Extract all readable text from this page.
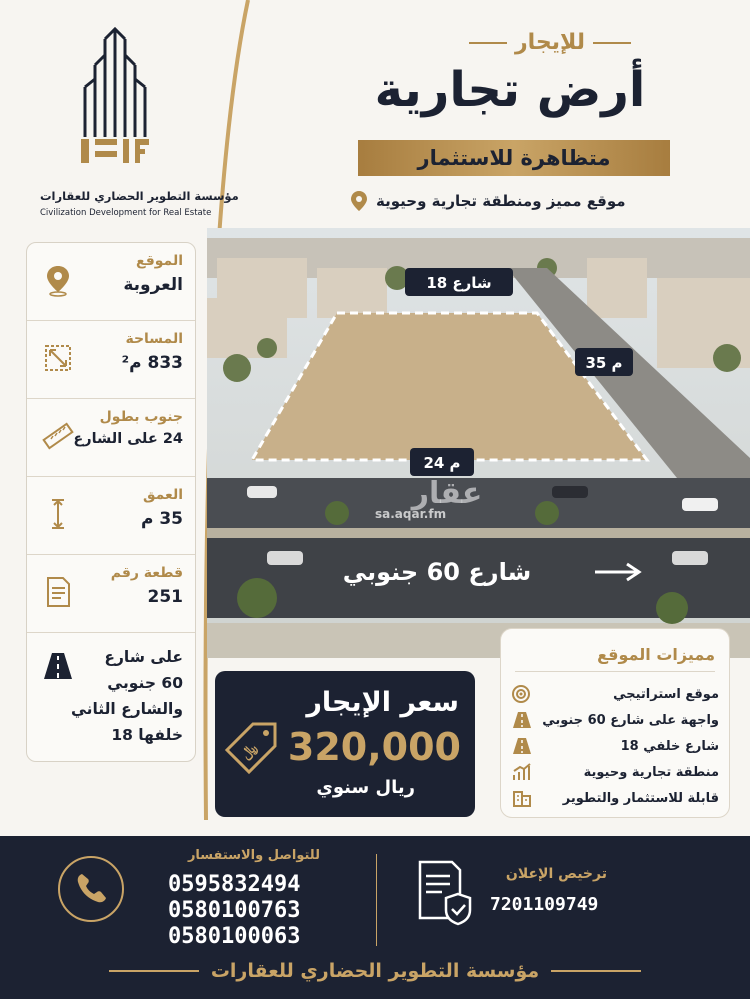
مؤسسة التطوير الحضاري للعقارات
Civilization Development for Real Estate
للإيجار
أرض تجارية
متظاهرة للاستثمار
موقع مميز ومنطقة تجارية وحيوية
شارع 18
35 م
24 م
عقار
sa.aqar.fm
شارع 60 جنوبي
الموقع
العروبة
المساحة
833 م²
جنوب بطول
24 على الشارع
العمق
35 م
قطعة رقم
251
على شارع
60 جنوبي
والشارع الثاني
خلفها 18
سعر الإيجار
320,000
ريال سنوي
﷼
مميزات الموقع
موقع استراتيجي
واجهة على شارع 60 جنوبي
شارع خلفي 18
منطقة تجارية وحيوية
قابلة للاستثمار والتطوير
للتواصل والاستفسار
0595832494
0580100763
0580100063
ترخيص الإعلان
7201109749
مؤسسة التطوير الحضاري للعقارات
